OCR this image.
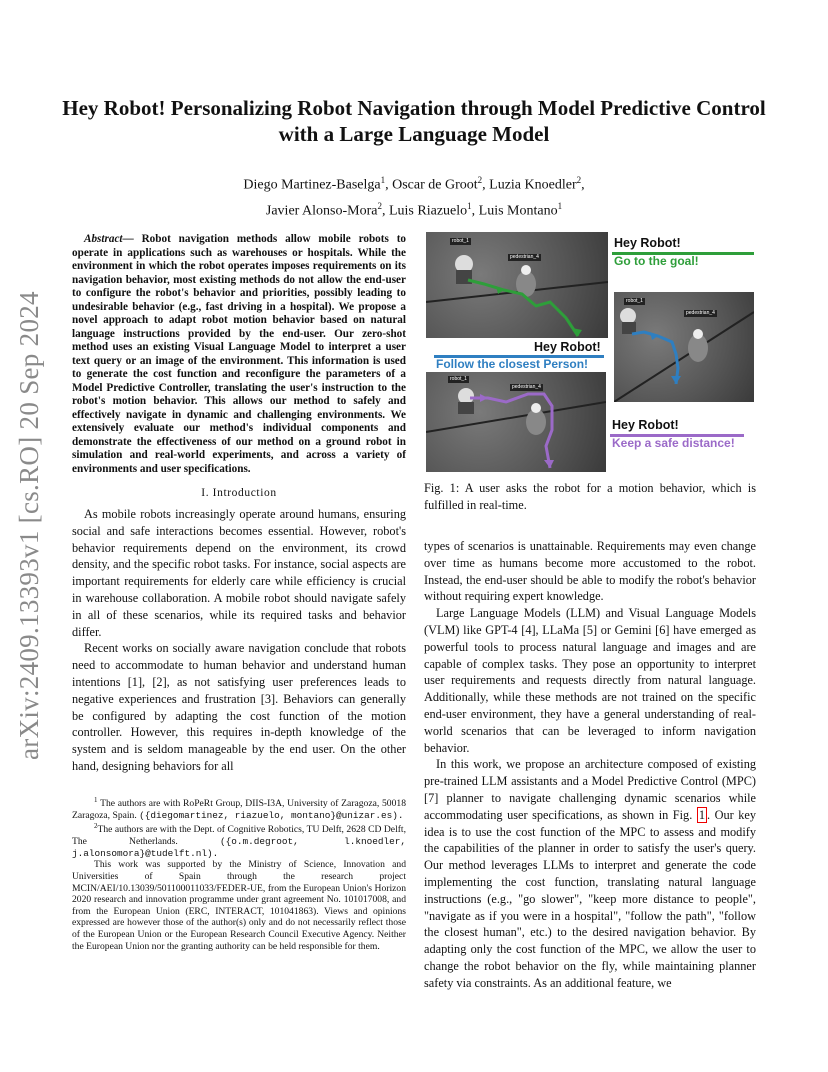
arXiv:2409.13393v1 [cs.RO] 20 Sep 2024
Hey Robot! Personalizing Robot Navigation through Model Predictive Control with a Large Language Model
Diego Martinez-Baselga$^1$, Oscar de Groot$^2$, Luzia Knoedler$^2$,
Javier Alonso-Mora$^2$, Luis Riazuelo$^1$, Luis Montano$^1$

Abstract— Robot navigation methods allow mobile robots to operate in applications such as warehouses or hospitals. While the environment in which the robot operates imposes requirements on its navigation behavior, most existing methods do not allow the end-user to configure the robot's behavior and priorities, possibly leading to undesirable behavior (e.g., fast driving in a hospital). We propose a novel approach to adapt robot motion behavior based on natural language instructions provided by the end-user. Our zero-shot method uses an existing Visual Language Model to interpret a user text query or an image of the environment. This information is used to generate the cost function and reconfigure the parameters of a Model Predictive Controller, translating the user's instruction to the robot's motion behavior. This allows our method to safely and effectively navigate in dynamic and challenging environments. We extensively evaluate our method's individual components and demonstrate the effectiveness of our method on a ground robot in simulation and real-world experiments, and across a variety of environments and user specifications.

I. Introduction

As mobile robots increasingly operate around humans, ensuring social and safe interactions becomes essential. However, robot's behavior requirements depend on the environment, its crowd density, and the specific robot tasks. For instance, social aspects are important requirements for elderly care while efficiency is crucial in warehouse collaboration. A mobile robot should navigate safely in all of these scenarios, while its required tasks and behavior differ.

Recent works on socially aware navigation conclude that robots need to accommodate to human behavior and understand human intentions [1], [2], as not satisfying user preferences leads to negative experiences and frustration [3]. Behaviors can generally be configured by adapting the cost function of the motion controller. However, this requires in-depth knowledge of the system and is seldom manageable by the end user. On the other hand, designing behaviors for all

$^1$ The authors are with RoPeRt Group, DIIS-I3A, University of Zaragoza, 50018 Zaragoza, Spain. ({diegomartinez, riazuelo, montano}@unizar.es).

$^2$The authors are with the Dept. of Cognitive Robotics, TU Delft, 2628 CD Delft, The Netherlands.	({o.m.degroot, l.knoedler, j.alonsomora}@tudelft.nl).

This work was supported by the Ministry of Science, Innovation and Universities of Spain through the research project MCIN/AEI/10.13039/501100011033/FEDER-UE, from the European Union's Horizon 2020 research and innovation programme under grant agreement No. 101017008, and from the European Union (ERC, INTERACT, 101041863). Views and opinions expressed are however those of the author(s) only and do not necessarily reflect those of the European Union or the European Research Council Executive Agency. Neither the European Union nor the granting authority can be held responsible for them.

robot_1
pedestrian_4
Hey Robot!
Go to the goal!
robot_1
pedestrian_4
Hey Robot!
Follow the closest Person!
robot_1
pedestrian_4
Hey Robot!
Keep a safe distance!
Fig. 1: A user asks the robot for a motion behavior, which is fulfilled in real-time.

types of scenarios is unattainable. Requirements may even change over time as humans become more accustomed to the robot. Instead, the end-user should be able to modify the robot's behavior without requiring expert knowledge.

Large Language Models (LLM) and Visual Language Models (VLM) like GPT-4 [4], LLaMa [5] or Gemini [6] have emerged as powerful tools to process natural language and images and are capable of complex tasks. They pose an opportunity to interpret user requirements and requests directly from natural language. Additionally, while these methods are not trained on the specific end-user environment, they have a general understanding of real-world scenarios that can be leveraged to inform navigation behavior.

In this work, we propose an architecture composed of existing pre-trained LLM assistants and a Model Predictive Control (MPC) [7] planner to navigate challenging dynamic scenarios while accommodating user specifications, as shown in Fig. 1 . Our key idea is to use the cost function of the MPC to assess and modify the capabilities of the planner in order to satisfy the user's query. Our method leverages LLMs to interpret and generate the code implementing the cost function, translating natural language instructions (e.g., "go slower", "keep more distance to people", "navigate as if you were in a hospital", "follow the path", "follow the closest human", etc.) to the desired navigation behavior. By adapting only the cost function of the MPC, we allow the user to change the robot behavior on the fly, while maintaining planner safety via constraints. As an additional feature, we
